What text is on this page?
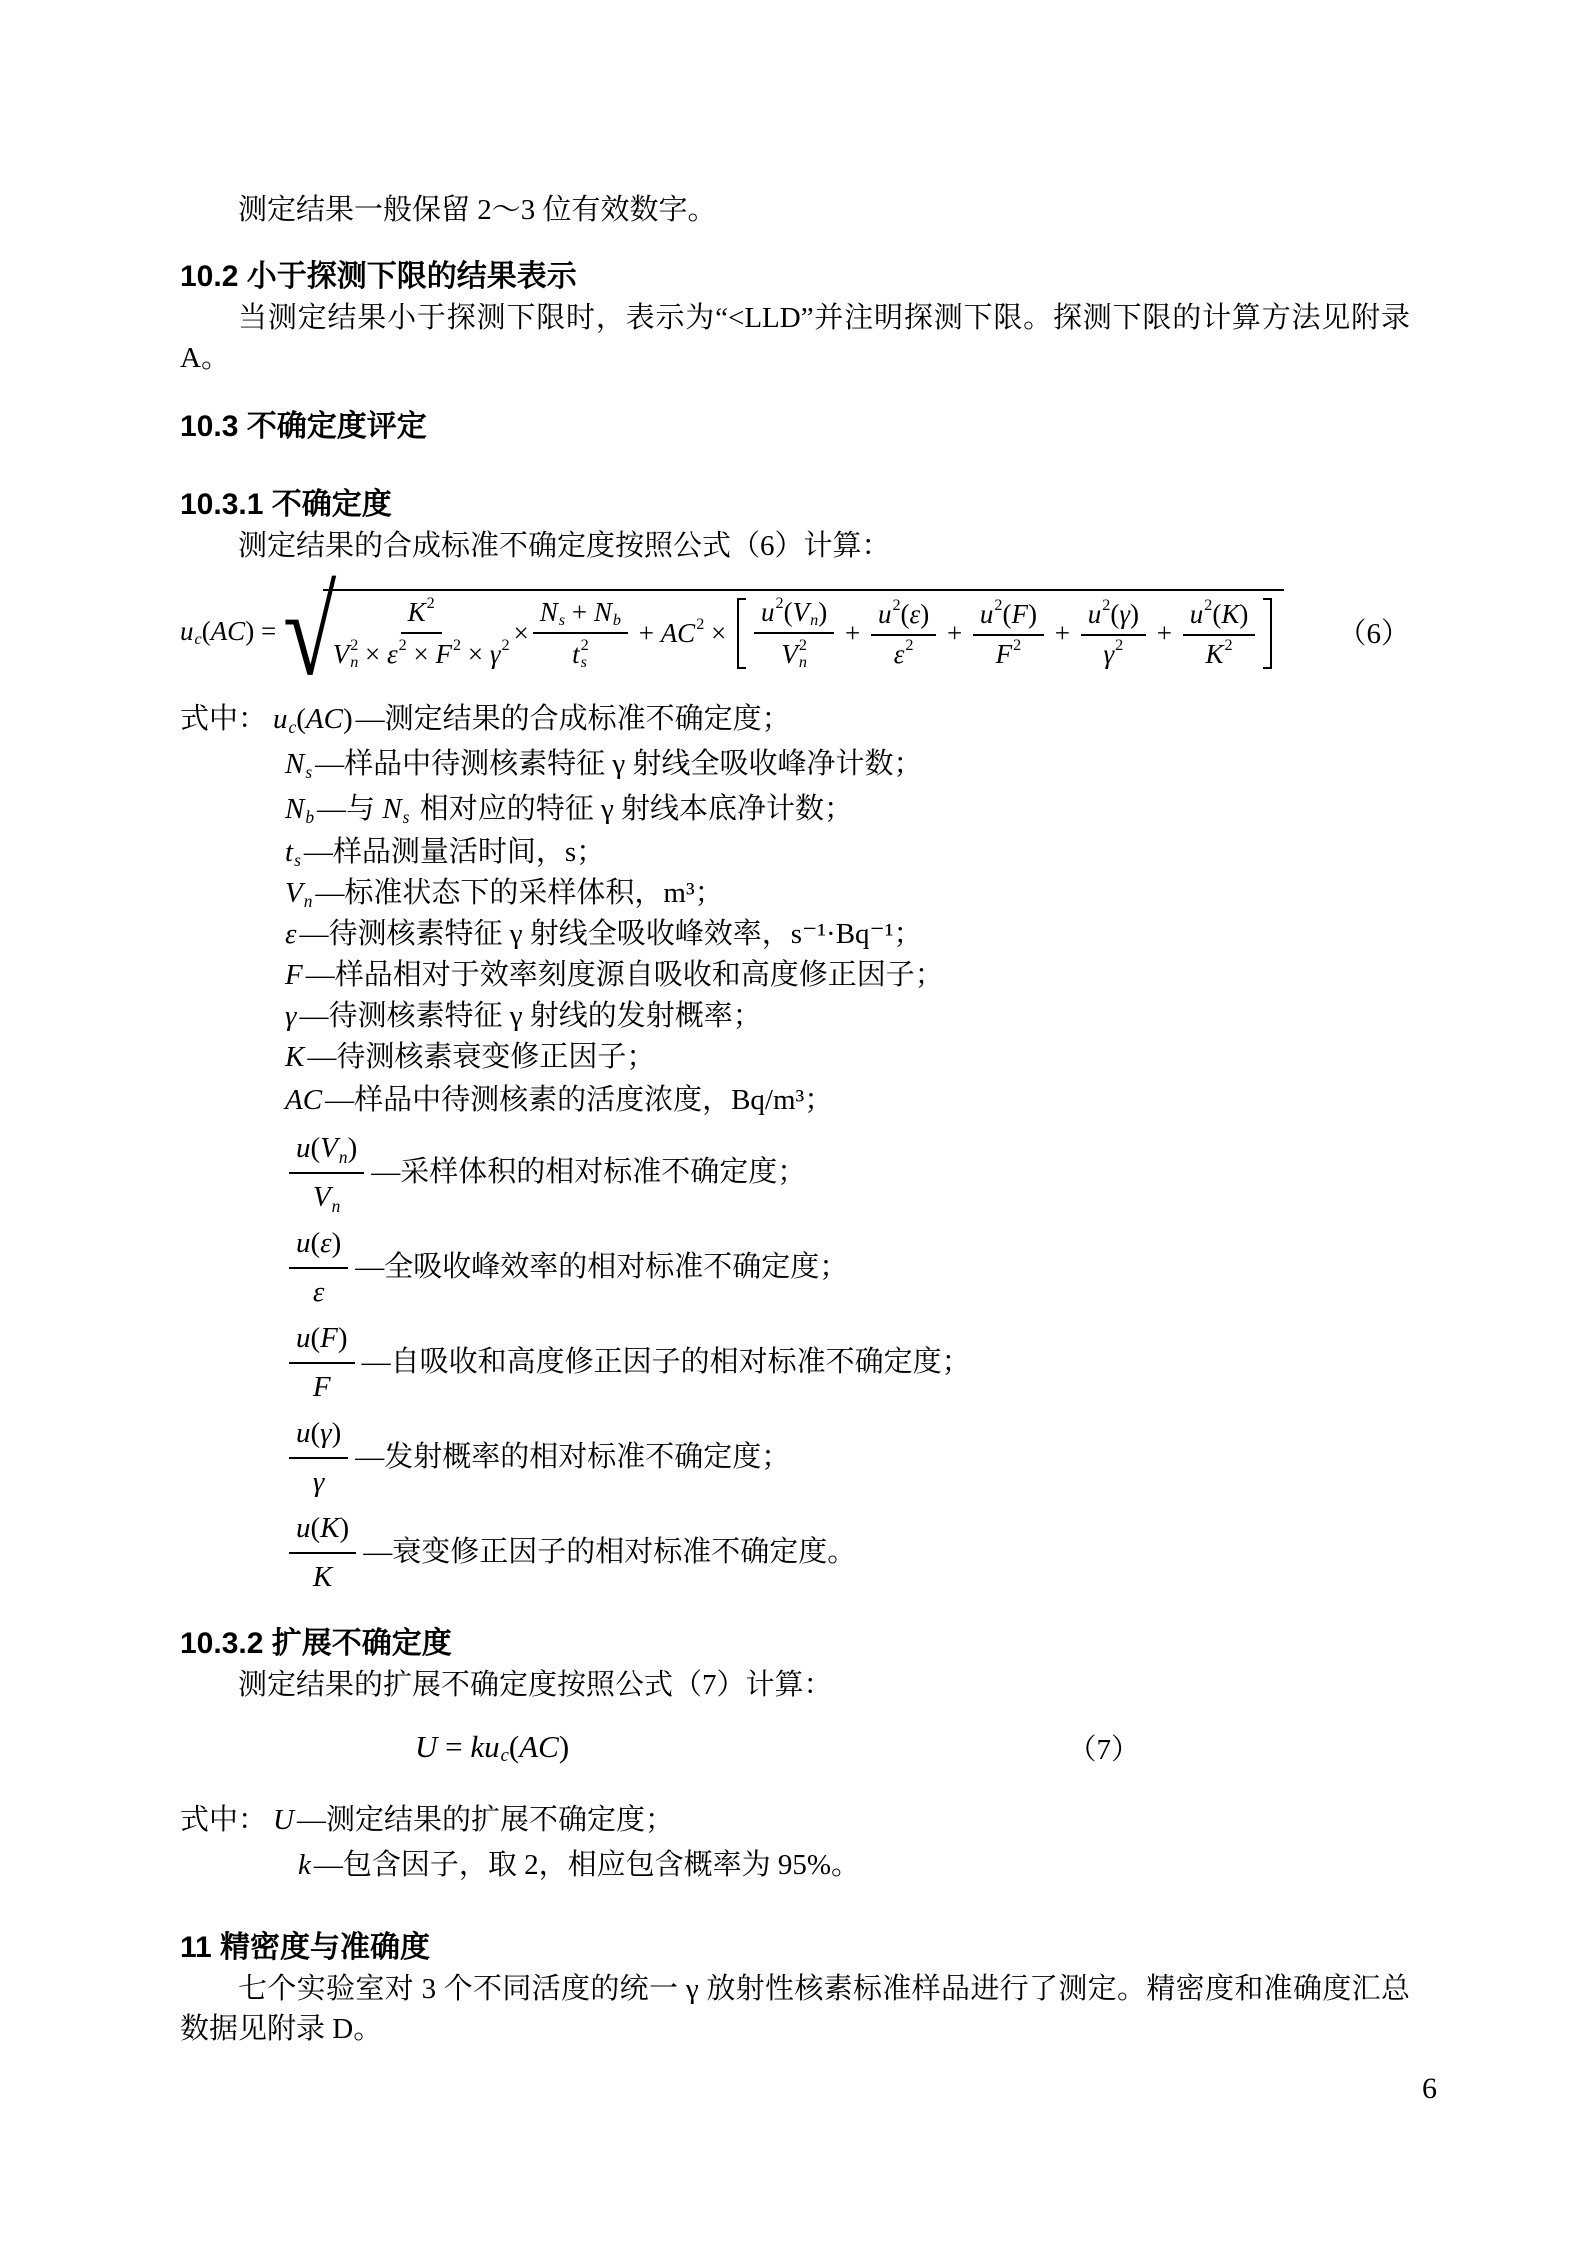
测定结果一般保留 2～3 位有效数字。

10.2 小于探测下限的结果表示

当测定结果小于探测下限时，表示为“<LLD”并注明探测下限。探测下限的计算方法见附录 A。

10.3 不确定度评定
10.3.1 不确定度

测定结果的合成标准不确定度按照公式（6）计算：

u c ( AC ) = √
K 2
V 2
n × ε 2 × F 2 × γ 2 × N s + N b
t 2
s + AC 2 × u 2 ( V n )
V 2
$n + \frac{u 2 ( \varepsilon )}{\varepsilon 2} + \frac{u 2 ( F )}{F 2} + \frac{u 2 ( \gamma )}{\gamma 2} + \frac{u 2 ( K )}{K 2}$	（6）
式中： u c ( AC ) —测定结果的合成标准不确定度；
N s —样品中待测核素特征 γ 射线全吸收峰净计数；
N b —与 N s 相对应的特征 γ 射线本底净计数；
t s —样品测量活时间，s；
V n —标准状态下的采样体积，m³；
ε —待测核素特征 γ 射线全吸收峰效率，s⁻¹·Bq⁻¹；
F —样品相对于效率刻度源自吸收和高度修正因子；
γ —待测核素特征 γ 射线的发射概率；
K —待测核素衰变修正因子；
AC —样品中待测核素的活度浓度，Bq/m³；
$\frac{\text{u ( V n )}}{\text{V n}}$ —采样体积的相对标准不确定度；
$\frac{u ( \varepsilon )}{\varepsilon}$ —全吸收峰效率的相对标准不确定度；
$\frac{u ( F )}{F}$ —自吸收和高度修正因子的相对标准不确定度；
$\frac{u ( \gamma )}{\gamma}$ —发射概率的相对标准不确定度；
$\frac{u ( K )}{K}$ —衰变修正因子的相对标准不确定度。
10.3.2 扩展不确定度

测定结果的扩展不确定度按照公式（7）计算：

U = k u c ( AC )	（7）
式中： U —测定结果的扩展不确定度；
k —包含因子，取 2，相应包含概率为 95%。
11 精密度与准确度

七个实验室对 3 个不同活度的统一 γ 放射性核素标准样品进行了测定。精密度和准确度汇总数据见附录 D。

6
